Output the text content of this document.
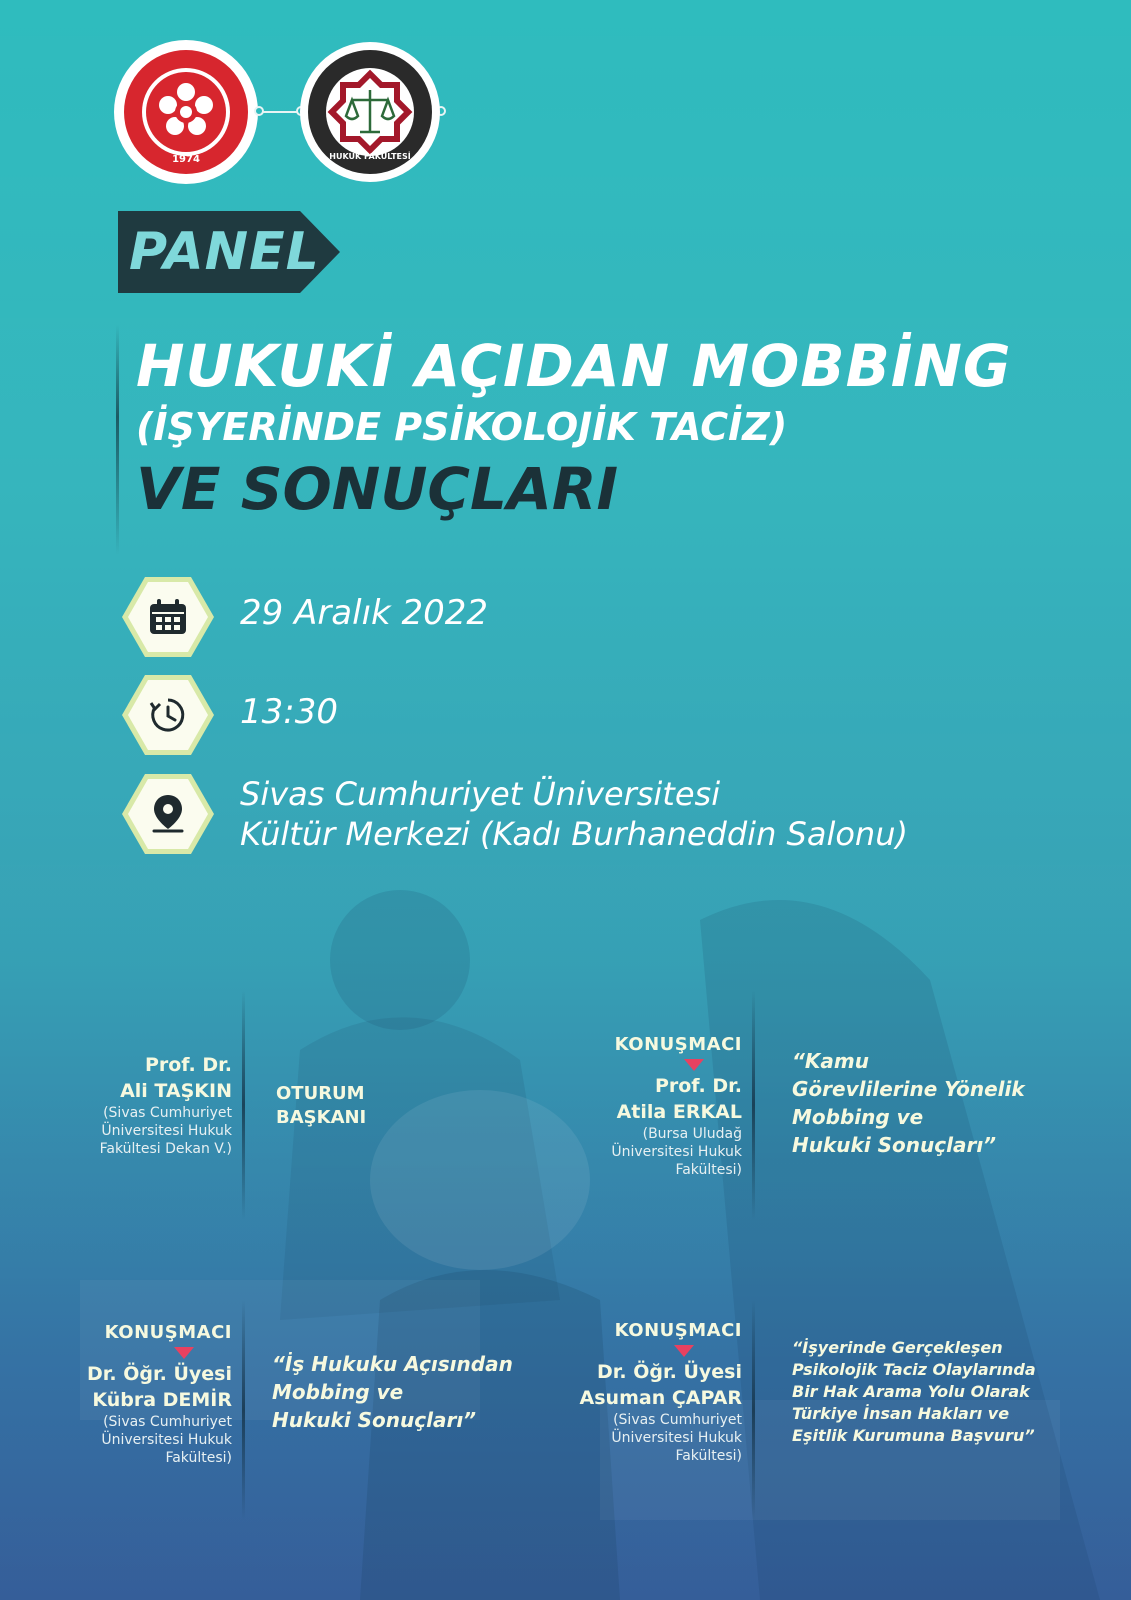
1974	HUKUK FAKÜLTESİ
PANEL
HUKUKİ AÇIDAN MOBBİNG
(İŞYERİNDE PSİKOLOJİK TACİZ)
VE SONUÇLARI
29 Aralık 2022
13:30
Sivas Cumhuriyet Üniversitesi
Kültür Merkezi (Kadı Burhaneddin Salonu)
Prof. Dr.
Ali TAŞKIN
(Sivas Cumhuriyet
Üniversitesi Hukuk
Fakültesi Dekan V.)
OTURUM
BAŞKANI
KONUŞMACI
Prof. Dr.
Atila ERKAL
(Bursa Uludağ
Üniversitesi Hukuk
Fakültesi)
“Kamu
Görevlilerine Yönelik
Mobbing ve
Hukuki Sonuçları”
KONUŞMACI
Dr. Öğr. Üyesi
Kübra DEMİR
(Sivas Cumhuriyet
Üniversitesi Hukuk
Fakültesi)
“İş Hukuku Açısından
Mobbing ve
Hukuki Sonuçları”
KONUŞMACI
Dr. Öğr. Üyesi
Asuman ÇAPAR
(Sivas Cumhuriyet
Üniversitesi Hukuk
Fakültesi)
“İşyerinde Gerçekleşen
Psikolojik Taciz Olaylarında
Bir Hak Arama Yolu Olarak
Türkiye İnsan Hakları ve
Eşitlik Kurumuna Başvuru”
